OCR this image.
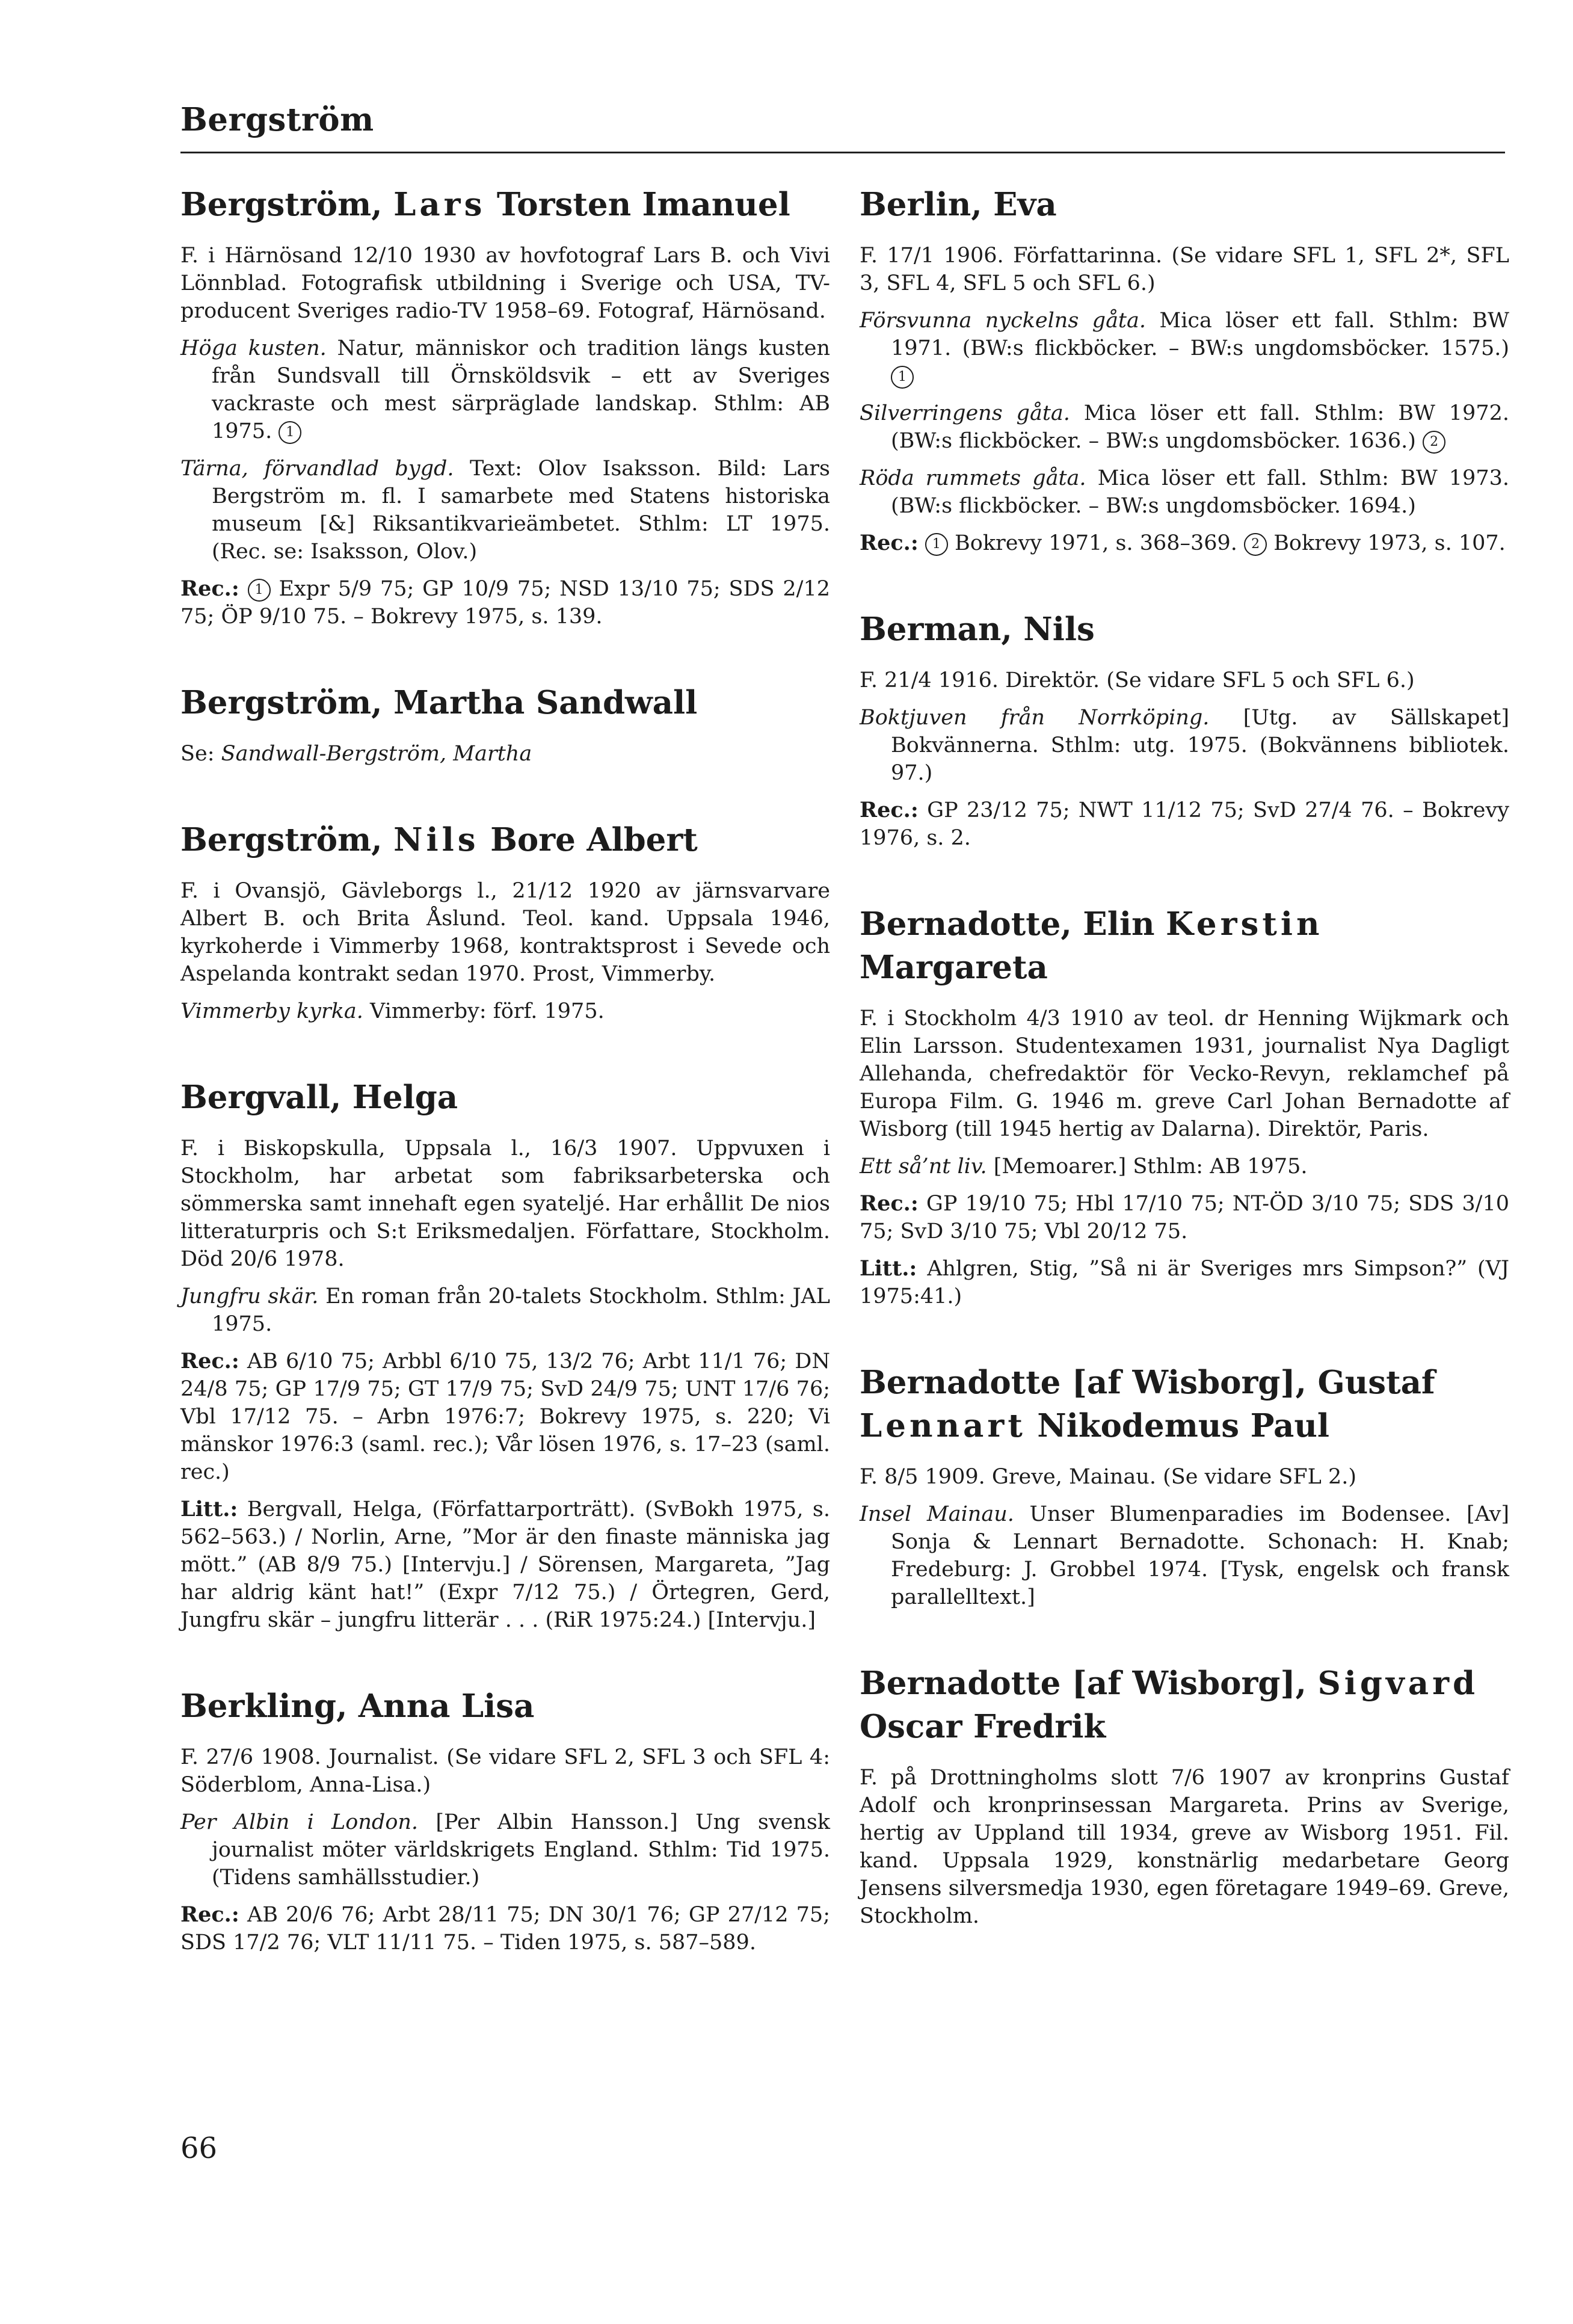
Bergström
Bergström, Lars Torsten Imanuel
F. i Härnösand 12/10 1930 av hovfotograf Lars B. och Vivi Lönnblad. Fotografisk utbildning i Sverige och USA, TV-producent Sveriges radio-TV 1958–69. Fotograf, Härnösand.
Höga kusten. Natur, människor och tradition längs kusten från Sundsvall till Örnsköldsvik – ett av Sveriges vackraste och mest särpräglade landskap. Sthlm: AB 1975. 1
Tärna, förvandlad bygd. Text: Olov Isaksson. Bild: Lars Bergström m. fl. I samarbete med Statens historiska museum [&] Riksantikvarieämbetet. Sthlm: LT 1975. (Rec. se: Isaksson, Olov.)
Rec.: 1 Expr 5/9 75; GP 10/9 75; NSD 13/10 75; SDS 2/12 75; ÖP 9/10 75. – Bokrevy 1975, s. 139.
Bergström, Martha Sandwall
Se: Sandwall-Bergström, Martha
Bergström, Nils Bore Albert
F. i Ovansjö, Gävleborgs l., 21/12 1920 av järnsvarvare Albert B. och Brita Åslund. Teol. kand. Uppsala 1946, kyrkoherde i Vimmerby 1968, kontraktsprost i Sevede och Aspelanda kontrakt sedan 1970. Prost, Vimmerby.
Vimmerby kyrka. Vimmerby: förf. 1975.
Bergvall, Helga
F. i Biskopskulla, Uppsala l., 16/3 1907. Uppvuxen i Stockholm, har arbetat som fabriksarbeterska och sömmerska samt innehaft egen syatelјé. Har erhållit De nios litteraturpris och S:t Eriksmedaljen. Författare, Stockholm. Död 20/6 1978.
Jungfru skär. En roman från 20-talets Stockholm. Sthlm: JAL 1975.
Rec.: AB 6/10 75; Arbbl 6/10 75, 13/2 76; Arbt 11/1 76; DN 24/8 75; GP 17/9 75; GT 17/9 75; SvD 24/9 75; UNT 17/6 76; Vbl 17/12 75. – Arbn 1976:7; Bokrevy 1975, s. 220; Vi mänskor 1976:3 (saml. rec.); Vår lösen 1976, s. 17–23 (saml. rec.)
Litt.: Bergvall, Helga, (Författarporträtt). (SvBokh 1975, s. 562–563.) / Norlin, Arne, ”Mor är den finaste människa jag mött.” (AB 8/9 75.) [Intervju.] / Sörensen, Margareta, ”Jag har aldrig känt hat!” (Expr 7/12 75.) / Örtegren, Gerd, Jungfru skär – jungfru litterär . . . (RiR 1975:24.) [Intervju.]
Berkling, Anna Lisa
F. 27/6 1908. Journalist. (Se vidare SFL 2, SFL 3 och SFL 4: Söderblom, Anna-Lisa.)
Per Albin i London. [Per Albin Hansson.] Ung svensk journalist möter världskrigets England. Sthlm: Tid 1975. (Tidens samhällsstudier.)
Rec.: AB 20/6 76; Arbt 28/11 75; DN 30/1 76; GP 27/12 75; SDS 17/2 76; VLT 11/11 75. – Tiden 1975, s. 587–589.
Berlin, Eva
F. 17/1 1906. Författarinna. (Se vidare SFL 1, SFL 2*, SFL 3, SFL 4, SFL 5 och SFL 6.)
Försvunna nyckelns gåta. Mica löser ett fall. Sthlm: BW 1971. (BW:s flickböcker. – BW:s ungdomsböcker. 1575.) 1
Silverringens gåta. Mica löser ett fall. Sthlm: BW 1972. (BW:s flickböcker. – BW:s ungdomsböcker. 1636.) 2
Röda rummets gåta. Mica löser ett fall. Sthlm: BW 1973. (BW:s flickböcker. – BW:s ungdomsböcker. 1694.)
Rec.: 1 Bokrevy 1971, s. 368–369. 2 Bokrevy 1973, s. 107.
Berman, Nils
F. 21/4 1916. Direktör. (Se vidare SFL 5 och SFL 6.)
Boktjuven från Norrköping. [Utg. av Sällskapet] Bokvännerna. Sthlm: utg. 1975. (Bokvännens bibliotek. 97.)
Rec.: GP 23/12 75; NWT 11/12 75; SvD 27/4 76. – Bokrevy 1976, s. 2.
Bernadotte, Elin Kerstin Margareta
F. i Stockholm 4/3 1910 av teol. dr Henning Wijkmark och Elin Larsson. Studentexamen 1931, journalist Nya Dagligt Allehanda, chefredaktör för Vecko-Revyn, reklamchef på Europa Film. G. 1946 m. greve Carl Johan Bernadotte af Wisborg (till 1945 hertig av Dalarna). Direktör, Paris.
Ett så’nt liv. [Memoarer.] Sthlm: AB 1975.
Rec.: GP 19/10 75; Hbl 17/10 75; NT-ÖD 3/10 75; SDS 3/10 75; SvD 3/10 75; Vbl 20/12 75.
Litt.: Ahlgren, Stig, ”Så ni är Sveriges mrs Simpson?” (VJ 1975:41.)
Bernadotte [af Wisborg], Gustaf Lennart Nikodemus Paul
F. 8/5 1909. Greve, Mainau. (Se vidare SFL 2.)
Insel Mainau. Unser Blumenparadies im Bodensee. [Av] Sonja & Lennart Bernadotte. Schonach: H. Knab; Fredeburg: J. Grobbel 1974. [Tysk, engelsk och fransk parallelltext.]
Bernadotte [af Wisborg], Sigvard Oscar Fredrik
F. på Drottningholms slott 7/6 1907 av kronprins Gustaf Adolf och kronprinsessan Margareta. Prins av Sverige, hertig av Uppland till 1934, greve av Wisborg 1951. Fil. kand. Uppsala 1929, konstnärlig medarbetare Georg Jensens silversmedja 1930, egen företagare 1949–69. Greve, Stockholm.
66
